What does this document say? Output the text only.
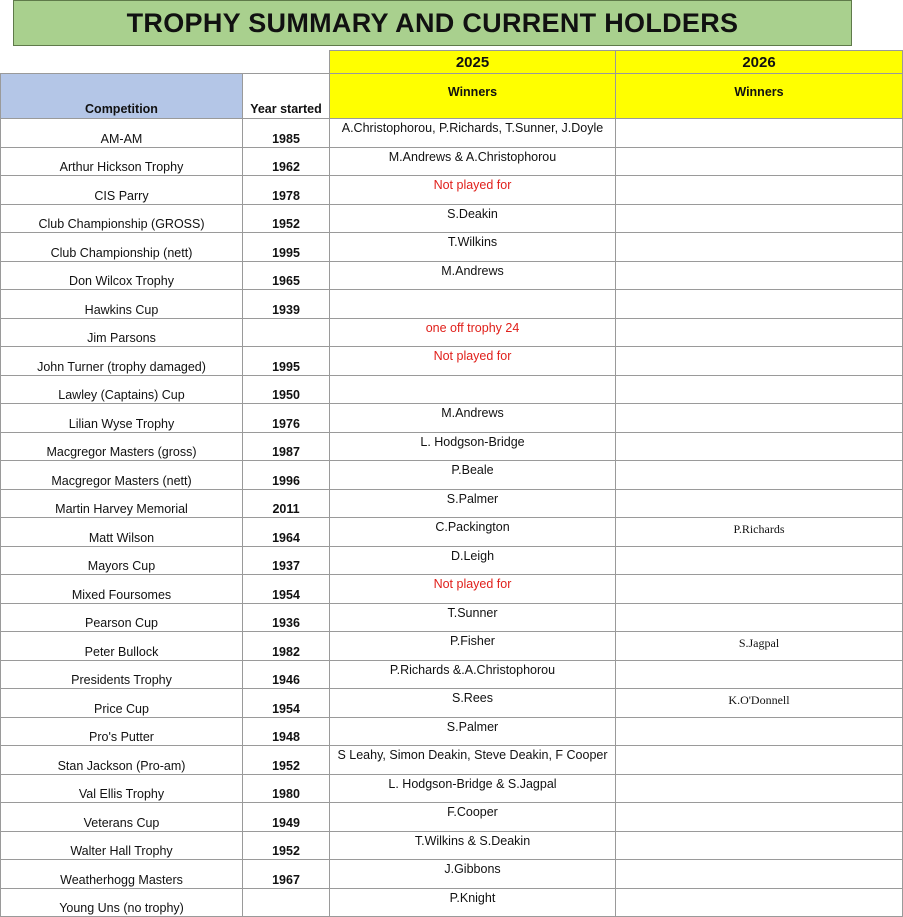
TROPHY SUMMARY AND CURRENT HOLDERS
		2025	2026
Competition	Year started	Winners	Winners
AM-AM	1985	A.Christophorou, P.Richards, T.Sunner, J.Doyle	
Arthur Hickson Trophy	1962	M.Andrews & A.Christophorou	
CIS Parry	1978	Not played for	
Club Championship (GROSS)	1952	S.Deakin	
Club Championship (nett)	1995	T.Wilkins	
Don Wilcox Trophy	1965	M.Andrews	
Hawkins Cup	1939		
Jim Parsons		one off trophy 24	
John Turner (trophy damaged)	1995	Not played for	
Lawley (Captains) Cup	1950		
Lilian Wyse Trophy	1976	M.Andrews	
Macgregor Masters (gross)	1987	L. Hodgson-Bridge	
Macgregor Masters (nett)	1996	P.Beale	
Martin Harvey Memorial	2011	S.Palmer	
Matt Wilson	1964	C.Packington	P.Richards
Mayors Cup	1937	D.Leigh	
Mixed Foursomes	1954	Not played for	
Pearson Cup	1936	T.Sunner	
Peter Bullock	1982	P.Fisher	S.Jagpal
Presidents Trophy	1946	P.Richards &.A.Christophorou	
Price Cup	1954	S.Rees	K.O'Donnell
Pro's Putter	1948	S.Palmer	
Stan Jackson (Pro-am)	1952	S Leahy, Simon Deakin, Steve Deakin, F Cooper	
Val Ellis Trophy	1980	L. Hodgson-Bridge & S.Jagpal	
Veterans Cup	1949	F.Cooper	
Walter Hall Trophy	1952	T.Wilkins & S.Deakin	
Weatherhogg Masters	1967	J.Gibbons	
Young Uns (no trophy)		P.Knight	
